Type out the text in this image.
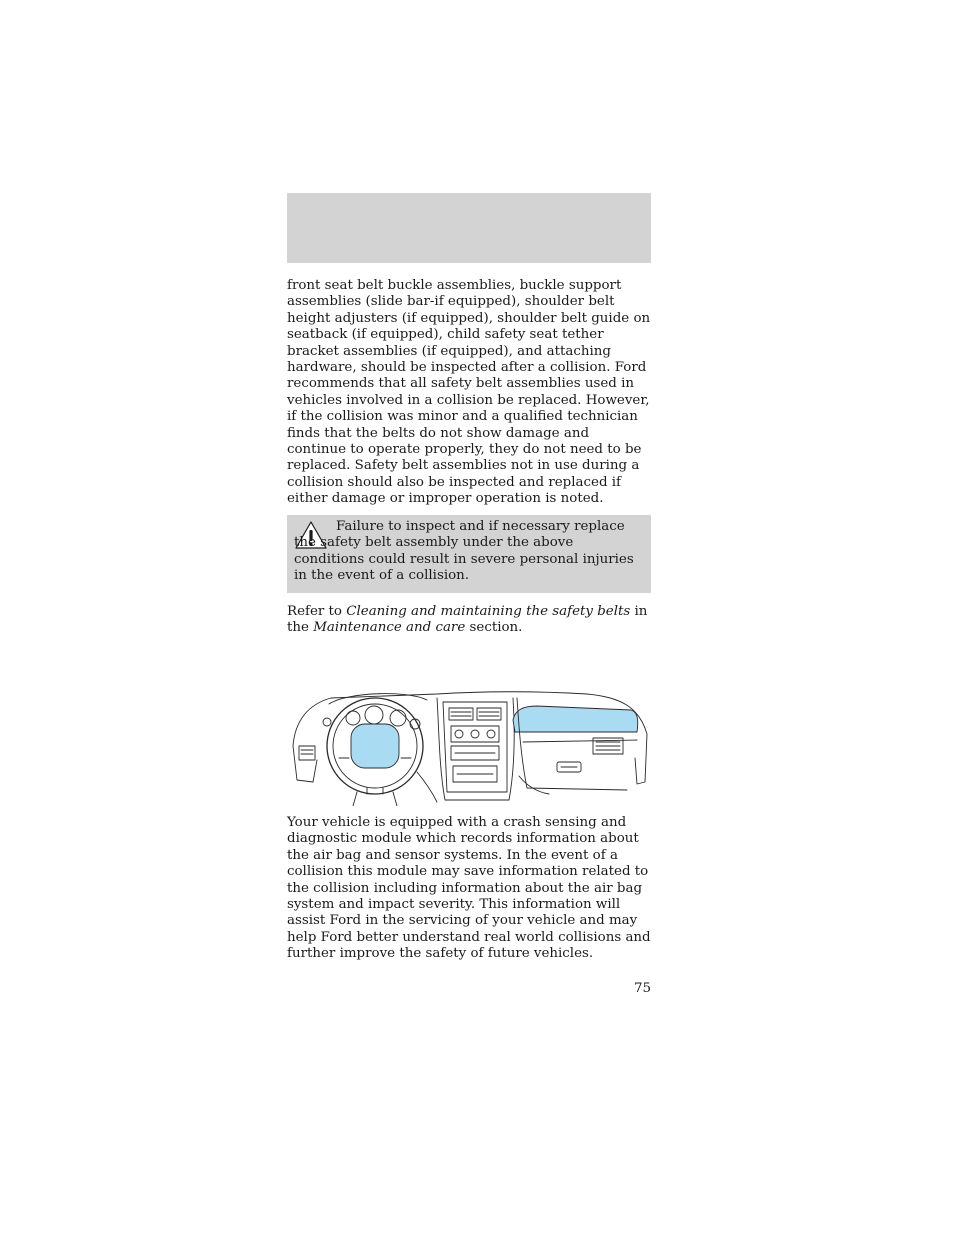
front seat belt buckle assemblies, buckle support assemblies (slide bar-if equipped), shoulder belt height adjusters (if equipped), shoulder belt guide on seatback (if equipped), child safety seat tether bracket assemblies (if equipped), and attaching hardware, should be inspected after a collision. Ford recommends that all safety belt assemblies used in vehicles involved in a collision be replaced. However, if the collision was minor and a qualified technician finds that the belts do not show damage and continue to operate properly, they do not need to be replaced. Safety belt assemblies not in use during a collision should also be inspected and replaced if either damage or improper operation is noted.
Failure to inspect and if necessary replace the safety belt assembly under the above conditions could result in severe personal injuries in the event of a collision.
Refer to Cleaning and maintaining the safety belts in the Maintenance and care section.
Your vehicle is equipped with a crash sensing and diagnostic module which records information about the air bag and sensor systems. In the event of a collision this module may save information related to the collision including information about the air bag system and impact severity. This information will assist Ford in the servicing of your vehicle and may help Ford better understand real world collisions and further improve the safety of future vehicles.
75
